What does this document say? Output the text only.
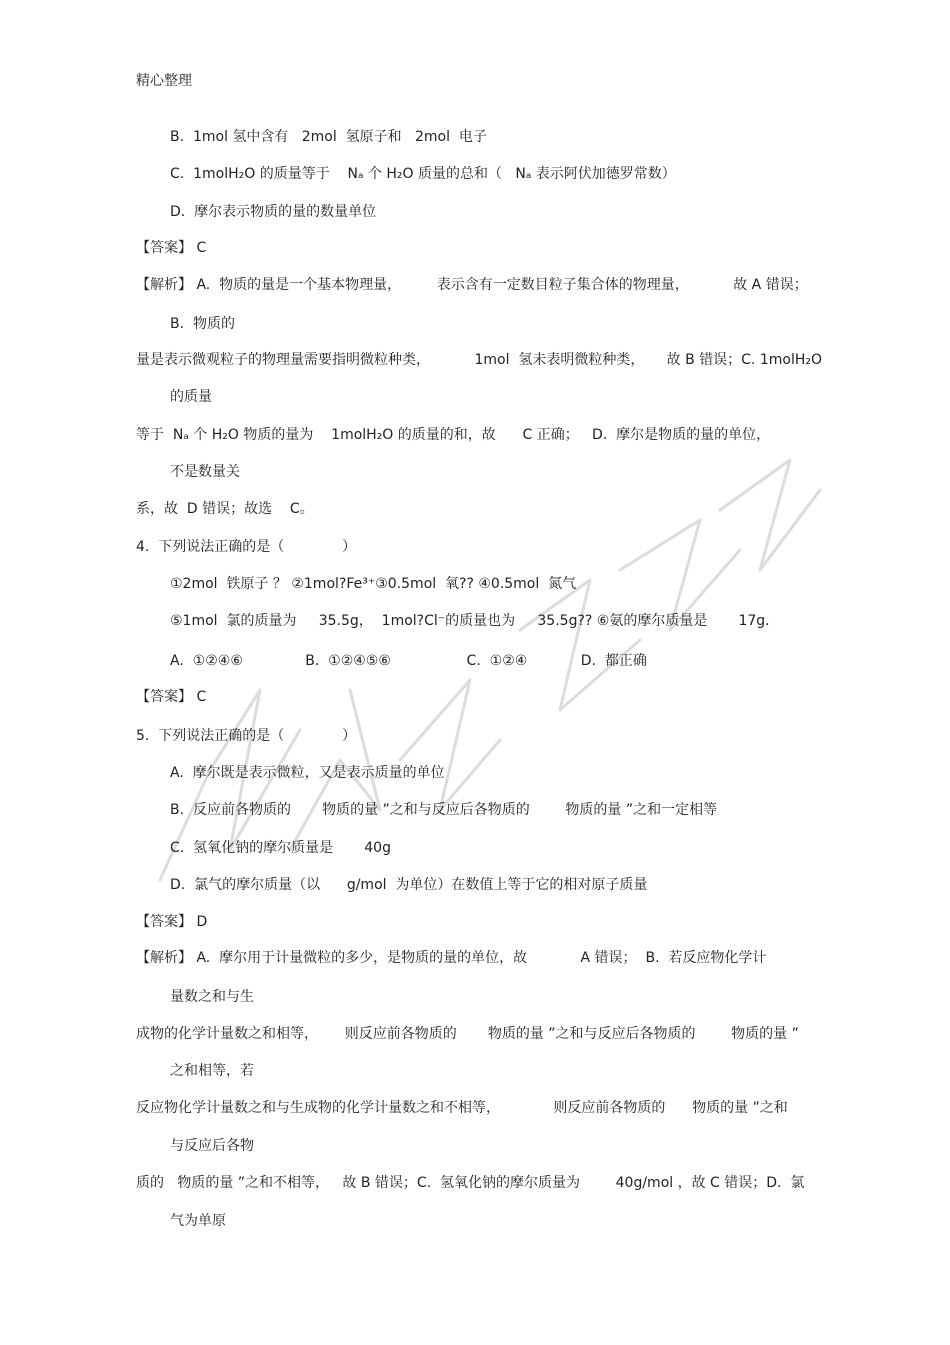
精心整理
B.  1mol 氢中含有   2mol  氢原子和   2mol  电子
C.  1molH₂O 的质量等于    Nₐ 个 H₂O 质量的总和（   Nₐ 表示阿伏加德罗常数）
D.  摩尔表示物质的量的数量单位
【答案】 C
【解析】 A.  物质的量是一个基本物理量，        表示含有一定数目粒子集合体的物理量，          故 A 错误；
B.  物质的
量是表示微观粒子的物理量需要指明微粒种类，          1mol  氢未表明微粒种类，     故 B 错误；C. 1molH₂O
的质量
等于  Nₐ 个 H₂O 物质的量为    1molH₂O 的质量的和，故      C 正确；   D.  摩尔是物质的量的单位，
不是数量关
系，故  D 错误；故选    C。
4.  下列说法正确的是（             ）
①2mol  铁原子 ？ ②1mol?Fe³⁺③0.5mol  氧?? ④0.5mol  氮气
⑤1mol  氯的质量为     35.5g，  1mol?Cl⁻的质量也为     35.5g?? ⑥氨的摩尔质量是       17g．
A.  ①②④⑥              B.  ①②④⑤⑥                 C.  ①②④            D.  都正确
【答案】 C
5.  下列说法正确的是（             ）
A.  摩尔既是表示微粒，又是表示质量的单位
B.  反应前各物质的       物质的量 ”之和与反应后各物质的        物质的量 ”之和一定相等
C.  氢氧化钠的摩尔质量是       40g
D.  氯气的摩尔质量（以      g/mol  为单位）在数值上等于它的相对原子质量
【答案】 D
【解析】 A.  摩尔用于计量微粒的多少，是物质的量的单位，故            A 错误；  B.  若反应物化学计
量数之和与生
成物的化学计量数之和相等，      则反应前各物质的       物质的量 ”之和与反应后各物质的        物质的量 ”
之和相等，若
反应物化学计量数之和与生成物的化学计量数之和不相等，            则反应前各物质的      物质的量 ”之和
与反应后各物
质的   物质的量 ”之和不相等，   故 B 错误；C.  氢氧化钠的摩尔质量为        40g/mol ，故 C 错误；D.  氯
气为单原
